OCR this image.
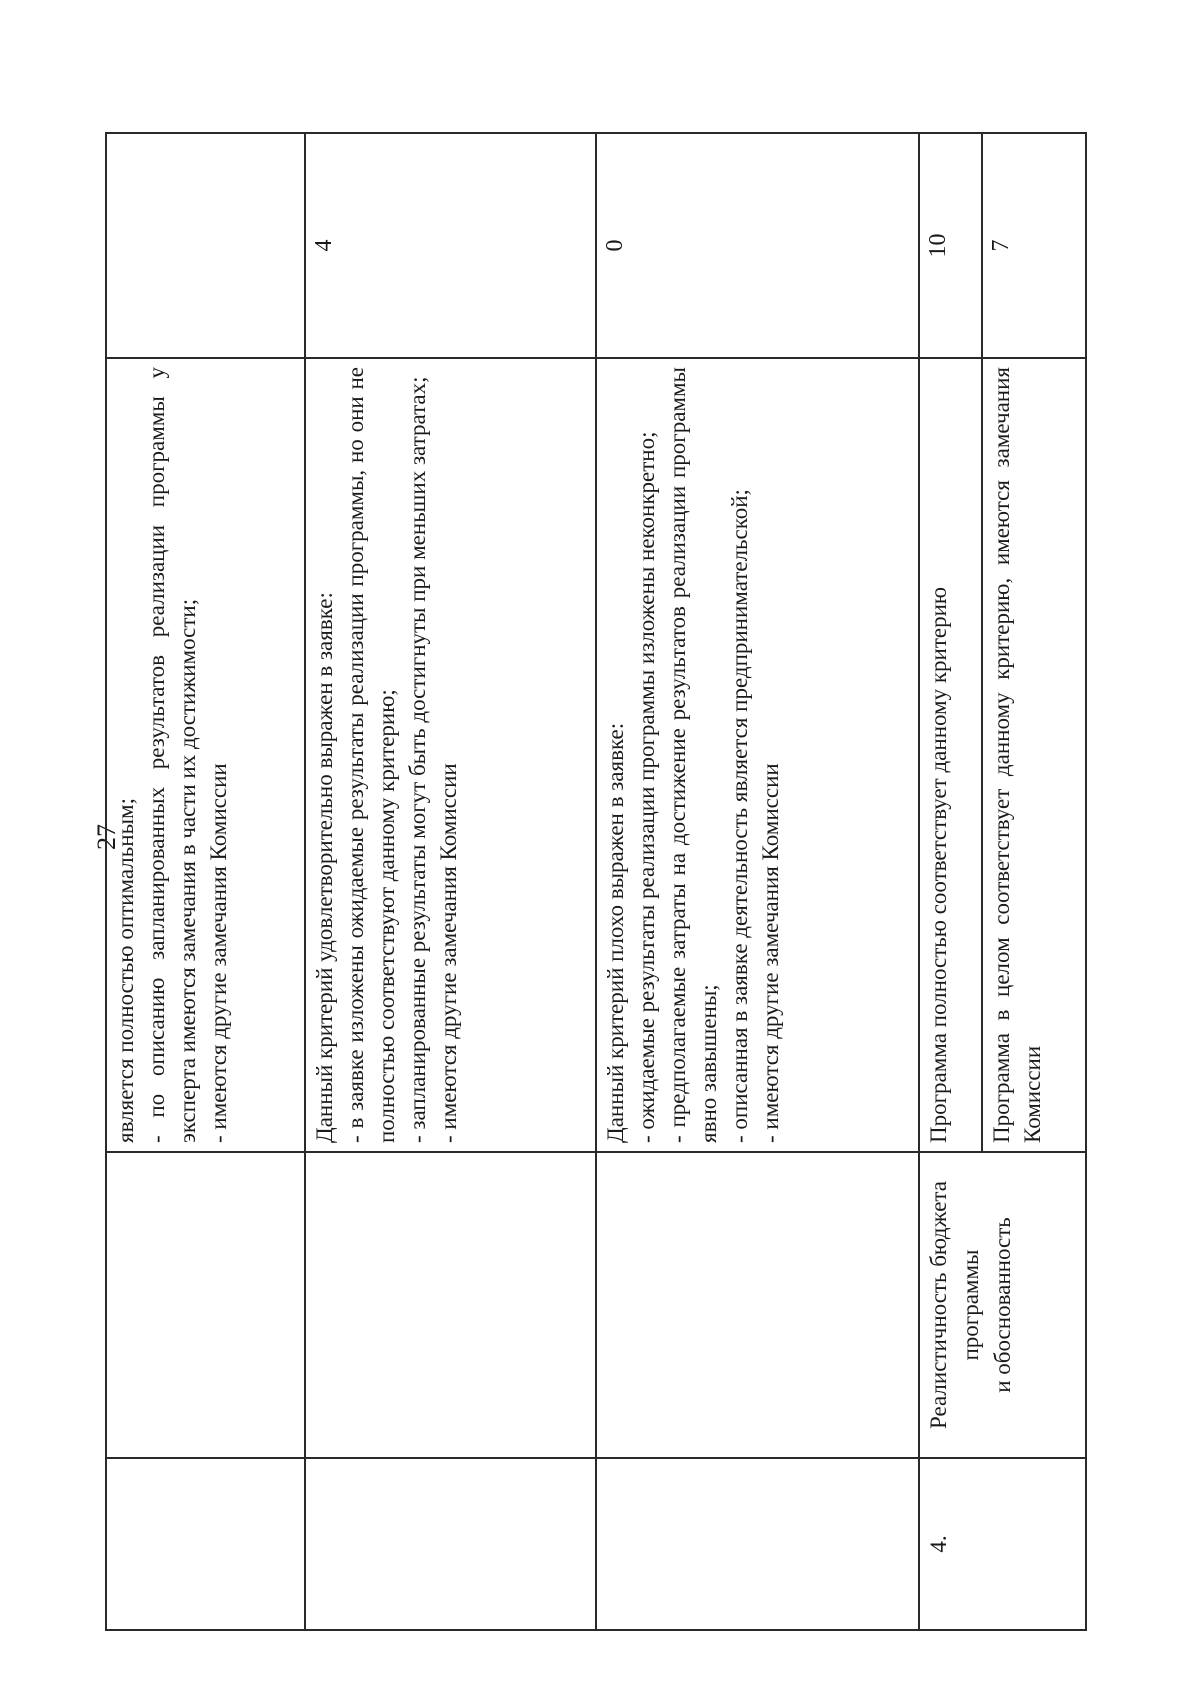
27

		является полностью оптимальным; - по описанию запланированных результатов реализации программы у эксперта имеются замечания в части их достижимости; - имеются другие замечания Комиссии	

		Данный критерий удовлетворительно выражен в заявке: - в заявке изложены ожидаемые результаты реализации программы, но они не полностью соответствуют данному критерию; - запланированные результаты могут быть достигнуты при меньших затратах; - имеются другие замечания Комиссии	4

		Данный критерий плохо выражен в заявке: - ожидаемые результаты реализации программы изложены неконкретно; - предполагаемые затраты на достижение результатов реализации программы явно завышены; - описанная в заявке деятельность является предпринимательской; - имеются другие замечания Комиссии	0
4.	Реалистичность бюджета программы и обоснованность	Программа полностью соответствует данному критерию	10
		Программа в целом соответствует данному критерию, имеются замечания Комиссии	7
